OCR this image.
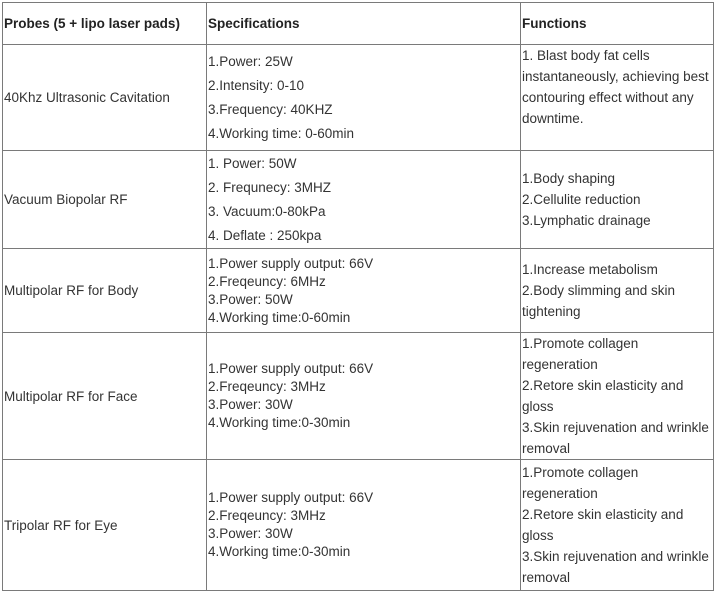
Probes (5 + lipo laser pads)	Specifications	Functions
40Khz Ultrasonic Cavitation	1.Power: 25W
2.Intensity: 0-10
3.Frequency: 40KHZ
4.Working time: 0-60min	1. Blast body fat cells instantaneously, achieving best contouring effect without any downtime.

Vacuum Biopolar RF	1. Power: 50W
2. Frequnecy: 3MHZ
3. Vacuum:0-80kPa
4. Deflate : 250kpa	1.Body shaping
2.Cellulite reduction
3.Lymphatic drainage

Multipolar RF for Body	1.Power supply output: 66V
2.Freqeuncy: 6MHz
3.Power: 50W
4.Working time:0-60min	1.Increase metabolism
2.Body slimming and skin tightening

Multipolar RF for Face	1.Power supply output: 66V
2.Freqeuncy: 3MHz
3.Power: 30W
4.Working time:0-30min	1.Promote collagen regeneration
2.Retore skin elasticity and gloss
3.Skin rejuvenation and wrinkle removal

Tripolar RF for Eye	1.Power supply output: 66V
2.Freqeuncy: 3MHz
3.Power: 30W
4.Working time:0-30min	1.Promote collagen regeneration
2.Retore skin elasticity and gloss
3.Skin rejuvenation and wrinkle removal
